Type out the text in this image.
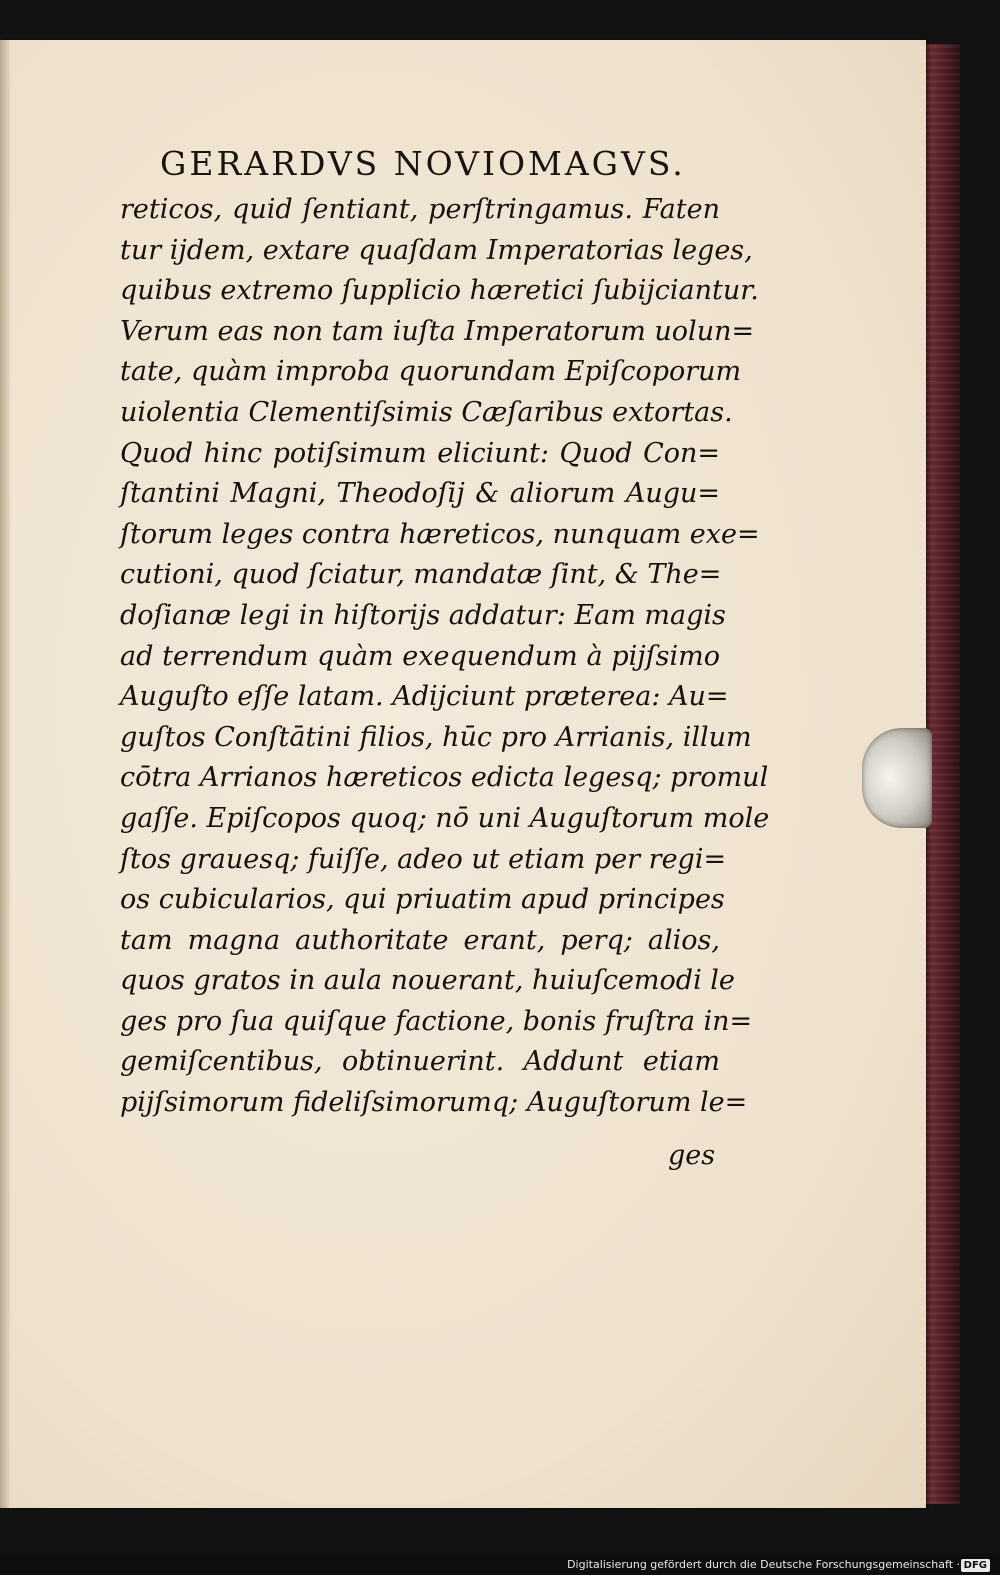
GERARDVS NOVIOMAGVS.
reticos, quid ſentiant, perſtringamus. Faten
tur ijdem, extare quaſdam Imperatorias leges,
quibus extremo ſupplicio hæretici ſubijciantur.
Verum eas non tam iuſta Imperatorum uolun=
tate, quàm improba quorundam Epiſcoporum
uiolentia Clementiſsimis Cæſaribus extortas.
Quod hinc potiſsimum eliciunt: Quod Con=
ſtantini Magni, Theodoſij & aliorum Augu=
ſtorum leges contra hæreticos, nunquam exe=
cutioni, quod ſciatur, mandatæ ſint, & The=
doſianæ legi in hiſtorijs addatur: Eam magis
ad terrendum quàm exequendum à pijſsimo
Auguſto eſſe latam. Adijciunt præterea: Au=
guſtos Conſtātini filios, hūc pro Arrianis, illum
cōtra Arrianos hæreticos edicta legesq; promul
gaſſe. Epiſcopos quoq; nō uni Auguſtorum mole
ſtos grauesq; fuiſſe, adeo ut etiam per regi=
os cubicularios, qui priuatim apud principes
tam magna authoritate erant, perq; alios,
quos gratos in aula nouerant, huiuſcemodi le
ges pro ſua quiſque factione, bonis fruſtra in=
gemiſcentibus, obtinuerint. Addunt etiam
pijſsimorum fideliſsimorumq; Auguſtorum le=
ges
Digitalisierung gefördert durch die Deutsche Forschungsgemeinschaft · DFG
